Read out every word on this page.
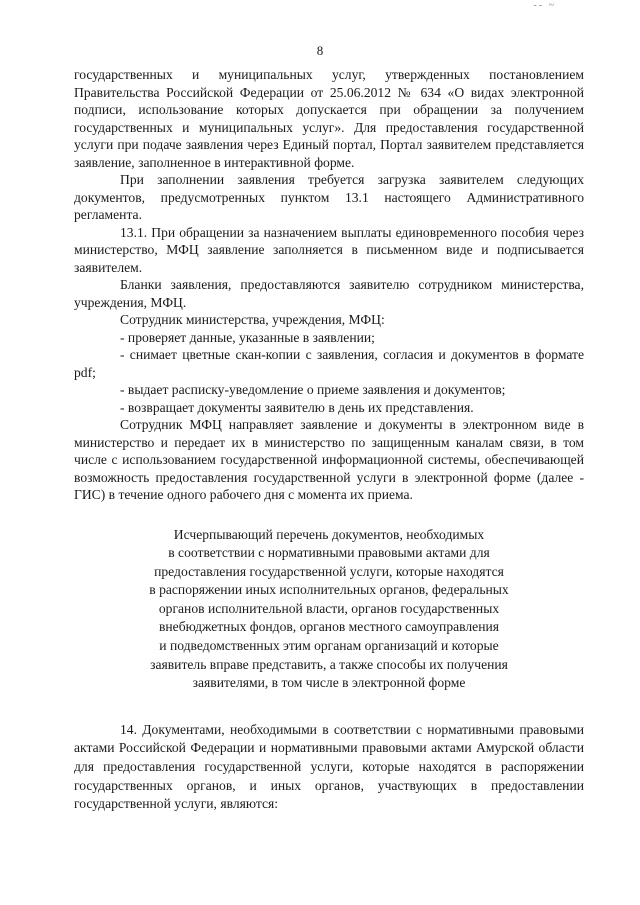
-- ~
8

государственных и муниципальных услуг, утвержденных постановлением Правительства Российской Федерации от 25.06.2012 № 634 «О видах электронной подписи, использование которых допускается при обращении за получением государственных и муниципальных услуг». Для предоставления государственной услуги при подаче заявления через Единый портал, Портал заявителем представляется заявление, заполненное в интерактивной форме.

При заполнении заявления требуется загрузка заявителем следующих документов, предусмотренных пунктом 13.1 настоящего Административного регламента.

13.1. При обращении за назначением выплаты единовременного пособия через министерство, МФЦ заявление заполняется в письменном виде и подписывается заявителем.

Бланки заявления, предоставляются заявителю сотрудником министерства, учреждения, МФЦ.

Сотрудник министерства, учреждения, МФЦ:

- проверяет данные, указанные в заявлении;

- снимает цветные скан-копии с заявления, согласия и документов в формате pdf;

- выдает расписку-уведомление о приеме заявления и документов;

- возвращает документы заявителю в день их представления.

Сотрудник МФЦ направляет заявление и документы в электронном виде в министерство и передает их в министерство по защищенным каналам связи, в том числе с использованием государственной информационной системы, обеспечивающей возможность предоставления государственной услуги в электронной форме (далее - ГИС) в течение одного рабочего дня с момента их приема.

Исчерпывающий перечень документов, необходимых
в соответствии с нормативными правовыми актами для
предоставления государственной услуги, которые находятся
в распоряжении иных исполнительных органов, федеральных
органов исполнительной власти, органов государственных
внебюджетных фондов, органов местного самоуправления
и подведомственных этим органам организаций и которые
заявитель вправе представить, а также способы их получения
заявителями, в том числе в электронной форме

14. Документами, необходимыми в соответствии с нормативными правовыми актами Российской Федерации и нормативными правовыми актами Амурской области для предоставления государственной услуги, которые находятся в распоряжении государственных органов, и иных органов, участвующих в предоставлении государственной услуги, являются:
